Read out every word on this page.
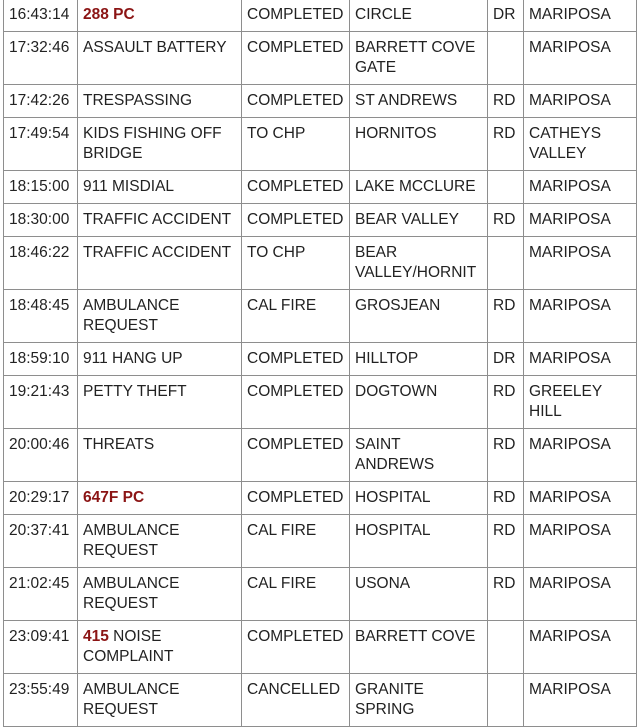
16:43:14	288 PC	COMPLETED	CIRCLE	DR	MARIPOSA
17:32:46	ASSAULT BATTERY	COMPLETED	BARRETT COVE GATE		MARIPOSA
17:42:26	TRESPASSING	COMPLETED	ST ANDREWS	RD	MARIPOSA
17:49:54	KIDS FISHING OFF BRIDGE	TO CHP	HORNITOS	RD	CATHEYS VALLEY
18:15:00	911 MISDIAL	COMPLETED	LAKE MCCLURE		MARIPOSA
18:30:00	TRAFFIC ACCIDENT	COMPLETED	BEAR VALLEY	RD	MARIPOSA
18:46:22	TRAFFIC ACCIDENT	TO CHP	BEAR VALLEY/HORNIT		MARIPOSA
18:48:45	AMBULANCE REQUEST	CAL FIRE	GROSJEAN	RD	MARIPOSA
18:59:10	911 HANG UP	COMPLETED	HILLTOP	DR	MARIPOSA
19:21:43	PETTY THEFT	COMPLETED	DOGTOWN	RD	GREELEY HILL
20:00:46	THREATS	COMPLETED	SAINT ANDREWS	RD	MARIPOSA
20:29:17	647F PC	COMPLETED	HOSPITAL	RD	MARIPOSA
20:37:41	AMBULANCE REQUEST	CAL FIRE	HOSPITAL	RD	MARIPOSA
21:02:45	AMBULANCE REQUEST	CAL FIRE	USONA	RD	MARIPOSA
23:09:41	415 NOISE COMPLAINT	COMPLETED	BARRETT COVE		MARIPOSA
23:55:49	AMBULANCE REQUEST	CANCELLED	GRANITE SPRING		MARIPOSA
